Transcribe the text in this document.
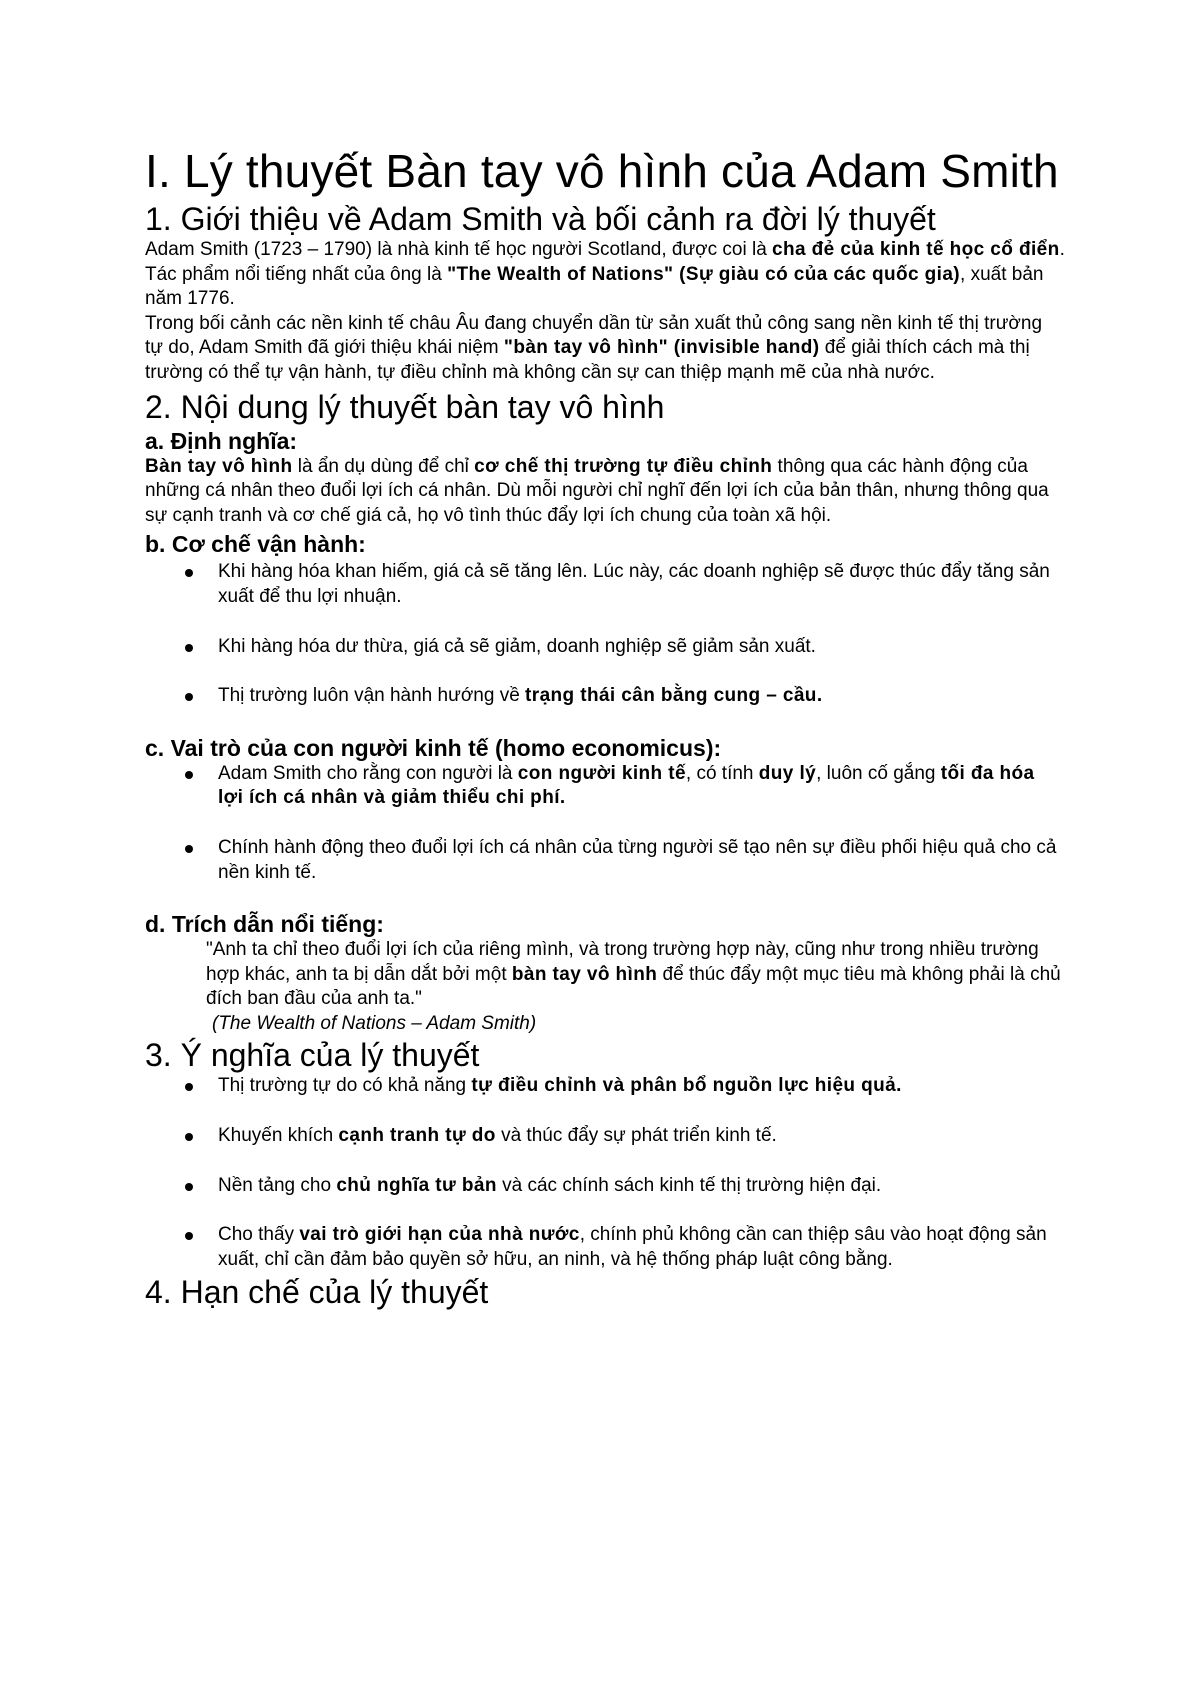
I. Lý thuyết Bàn tay vô hình của Adam Smith
1. Giới thiệu về Adam Smith và bối cảnh ra đời lý thuyết

Adam Smith (1723 – 1790) là nhà kinh tế học người Scotland, được coi là cha đẻ của kinh tế học cổ điển. Tác phẩm nổi tiếng nhất của ông là "The Wealth of Nations" (Sự giàu có của các quốc gia), xuất bản năm 1776.

Trong bối cảnh các nền kinh tế châu Âu đang chuyển dần từ sản xuất thủ công sang nền kinh tế thị trường tự do, Adam Smith đã giới thiệu khái niệm "bàn tay vô hình" (invisible hand) để giải thích cách mà thị trường có thể tự vận hành, tự điều chỉnh mà không cần sự can thiệp mạnh mẽ của nhà nước.

2. Nội dung lý thuyết bàn tay vô hình
a. Định nghĩa:

Bàn tay vô hình là ẩn dụ dùng để chỉ cơ chế thị trường tự điều chỉnh thông qua các hành động của những cá nhân theo đuổi lợi ích cá nhân. Dù mỗi người chỉ nghĩ đến lợi ích của bản thân, nhưng thông qua sự cạnh tranh và cơ chế giá cả, họ vô tình thúc đẩy lợi ích chung của toàn xã hội.

b. Cơ chế vận hành:
Khi hàng hóa khan hiếm, giá cả sẽ tăng lên. Lúc này, các doanh nghiệp sẽ được thúc đẩy tăng sản xuất để thu lợi nhuận.
Khi hàng hóa dư thừa, giá cả sẽ giảm, doanh nghiệp sẽ giảm sản xuất.
Thị trường luôn vận hành hướng về trạng thái cân bằng cung – cầu.
c. Vai trò của con người kinh tế (homo economicus):
Adam Smith cho rằng con người là con người kinh tế, có tính duy lý, luôn cố gắng tối đa hóa lợi ích cá nhân và giảm thiểu chi phí.
Chính hành động theo đuổi lợi ích cá nhân của từng người sẽ tạo nên sự điều phối hiệu quả cho cả nền kinh tế.
d. Trích dẫn nổi tiếng:

"Anh ta chỉ theo đuổi lợi ích của riêng mình, và trong trường hợp này, cũng như trong nhiều trường hợp khác, anh ta bị dẫn dắt bởi một bàn tay vô hình để thúc đẩy một mục tiêu mà không phải là chủ đích ban đầu của anh ta."

(The Wealth of Nations – Adam Smith)

3. Ý nghĩa của lý thuyết
Thị trường tự do có khả năng tự điều chỉnh và phân bổ nguồn lực hiệu quả.
Khuyến khích cạnh tranh tự do và thúc đẩy sự phát triển kinh tế.
Nền tảng cho chủ nghĩa tư bản và các chính sách kinh tế thị trường hiện đại.
Cho thấy vai trò giới hạn của nhà nước, chính phủ không cần can thiệp sâu vào hoạt động sản xuất, chỉ cần đảm bảo quyền sở hữu, an ninh, và hệ thống pháp luật công bằng.
4. Hạn chế của lý thuyết
